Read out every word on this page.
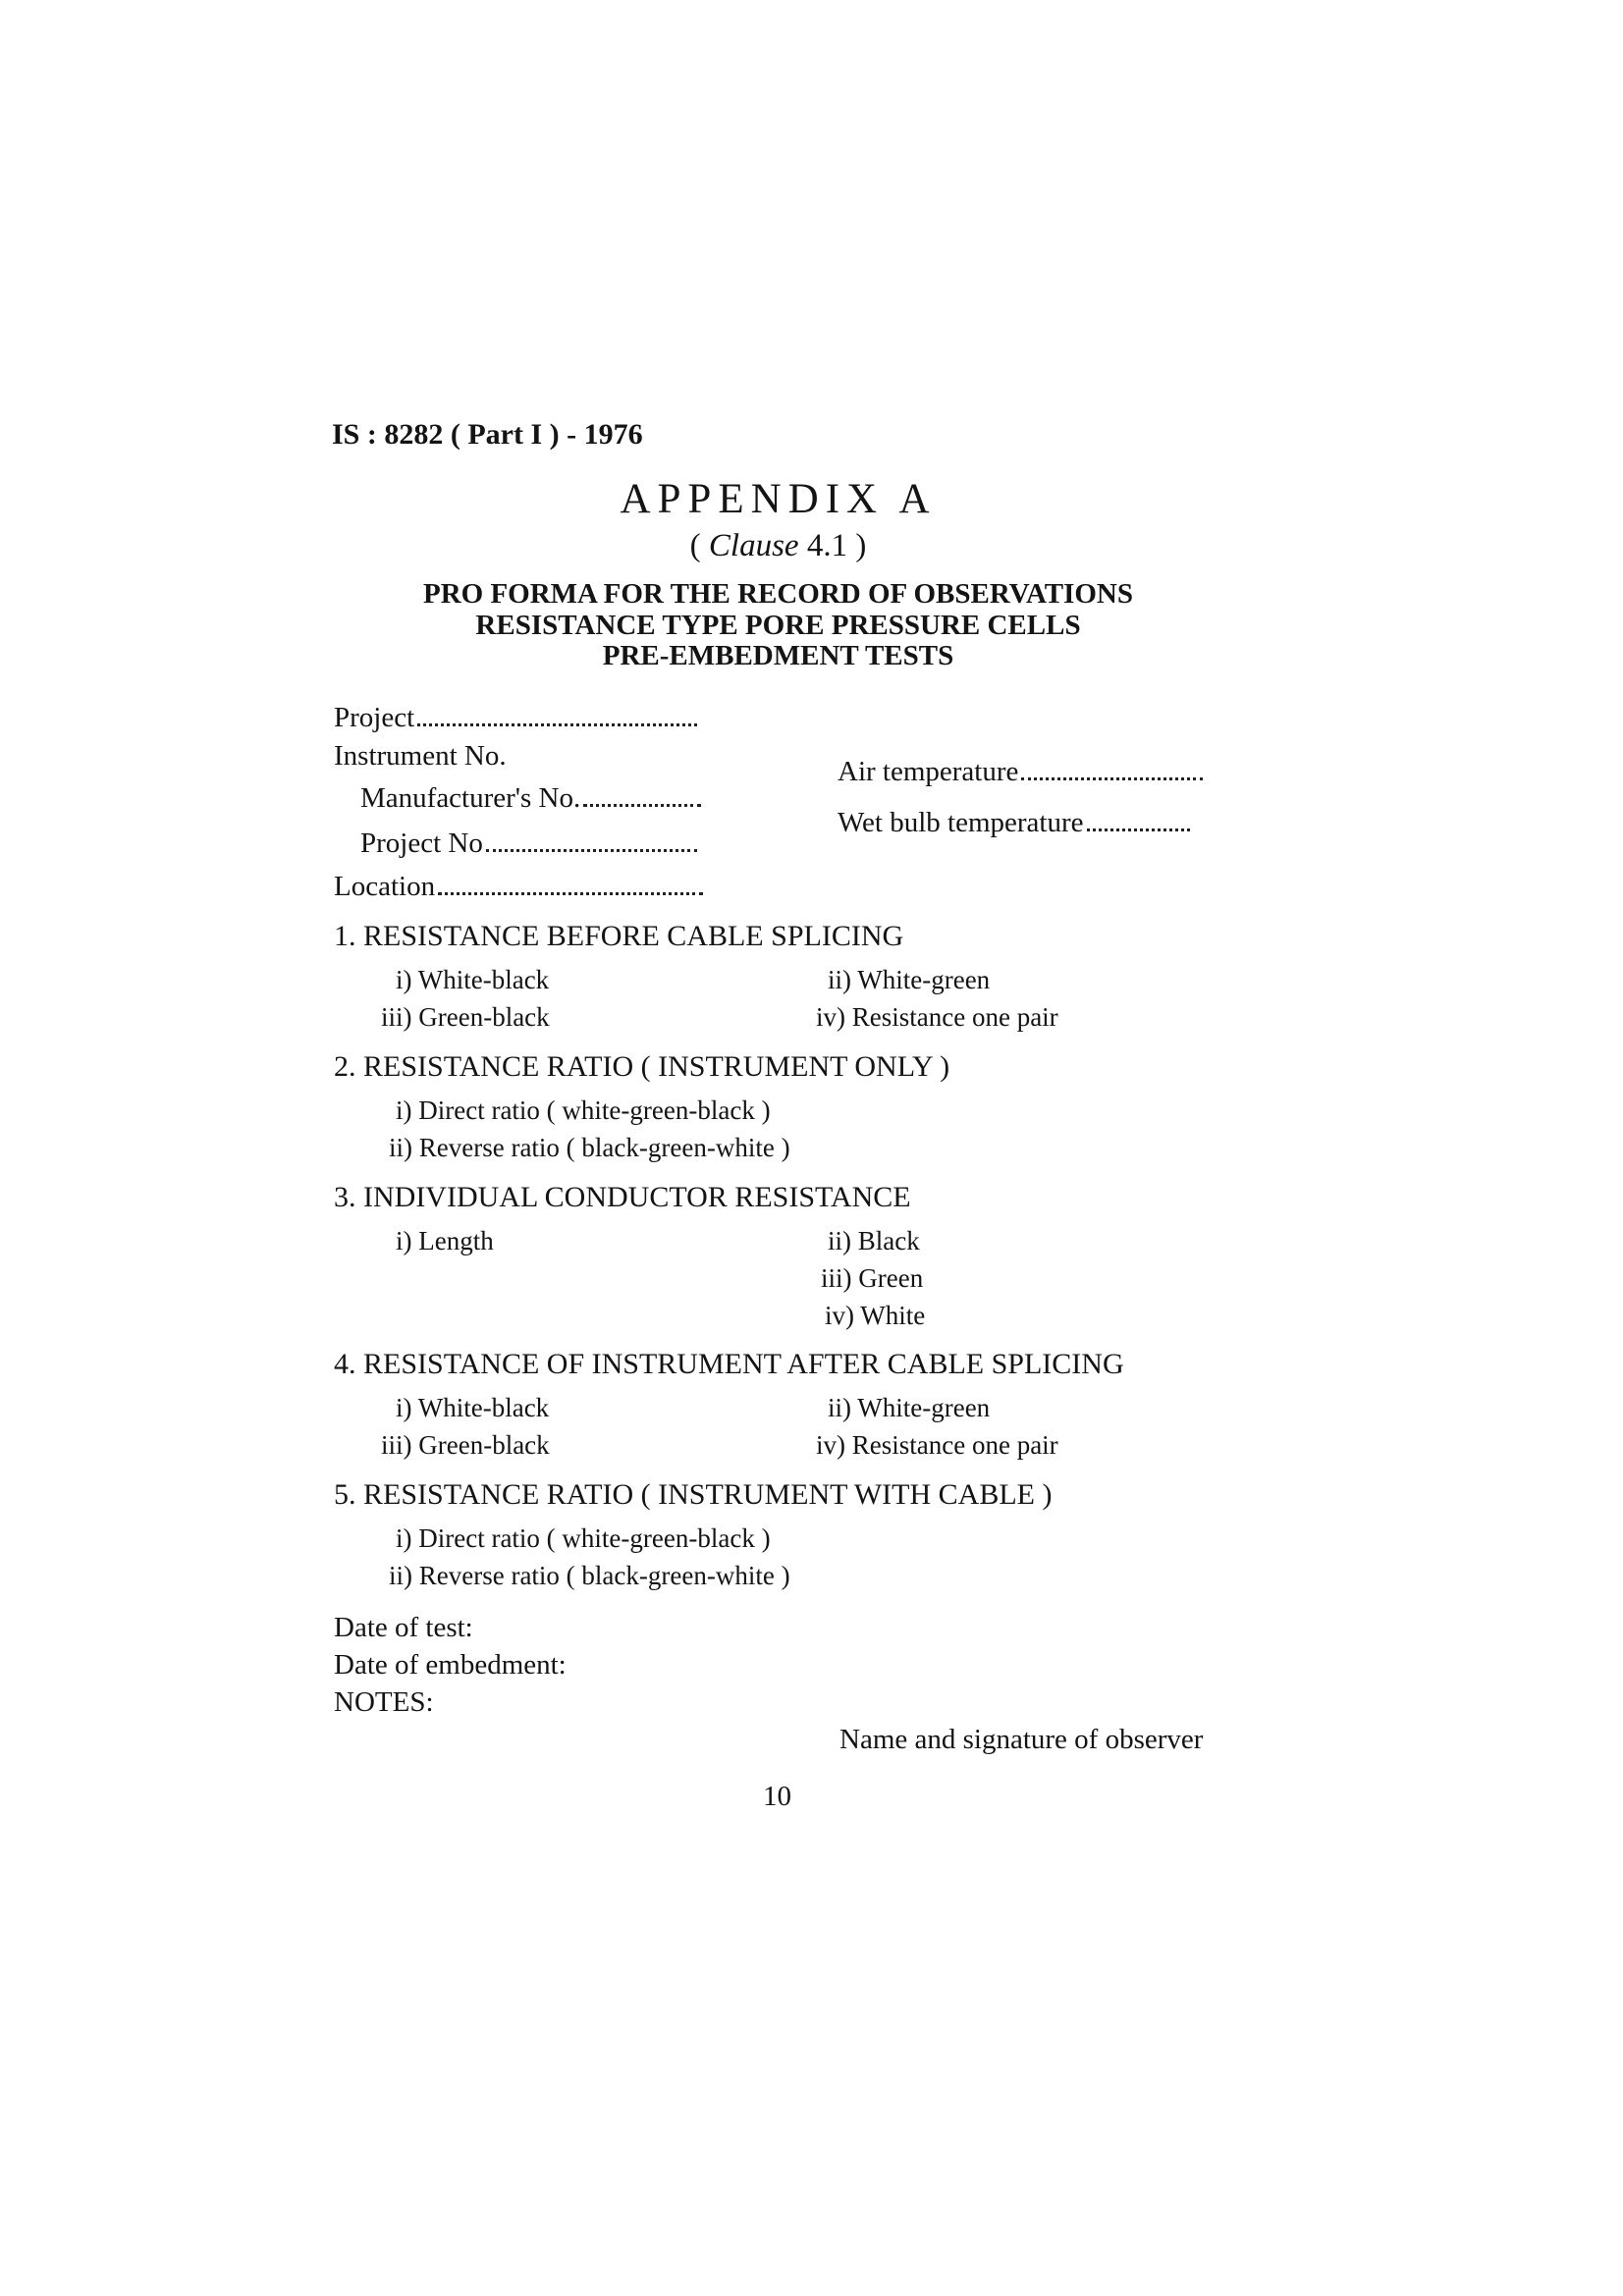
IS : 8282 ( Part I ) - 1976
APPENDIX A
( Clause 4.1 )
PRO FORMA FOR THE RECORD OF OBSERVATIONS
RESISTANCE TYPE PORE PRESSURE CELLS
PRE-EMBEDMENT TESTS
Project
Instrument No.
Manufacturer's No.
Project No
Location
Air temperature
Wet bulb temperature
1. RESISTANCE BEFORE CABLE SPLICING
i) White-black	ii) White-green
iii) Green-black	iv) Resistance one pair
2. RESISTANCE RATIO ( INSTRUMENT ONLY )
i) Direct ratio ( white-green-black )
ii) Reverse ratio ( black-green-white )
3. INDIVIDUAL CONDUCTOR RESISTANCE
i) Length	ii) Black
iii) Green
iv) White
4. RESISTANCE OF INSTRUMENT AFTER CABLE SPLICING
i) White-black	ii) White-green
iii) Green-black	iv) Resistance one pair
5. RESISTANCE RATIO ( INSTRUMENT WITH CABLE )
i) Direct ratio ( white-green-black )
ii) Reverse ratio ( black-green-white )
Date of test:
Date of embedment:
NOTES:
Name and signature of observer
10
